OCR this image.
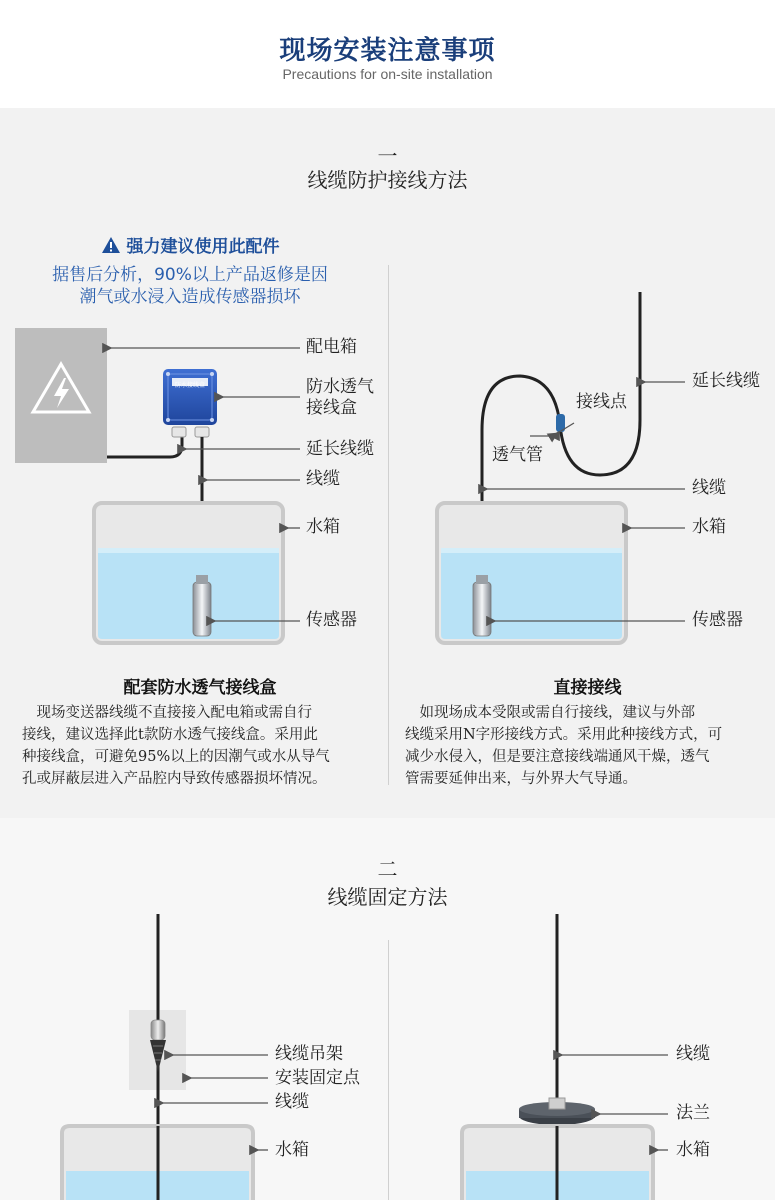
现场安装注意事项
Precautions for on-site installation
一
线缆防护接线方法
强力建议使用此配件
据售后分析，90%以上产品返修是因
潮气或水浸入造成传感器损坏
配电箱
防水透气
接线盒
延长线缆
线缆
水箱
传感器
防水接线盒	延长线缆
接线点
透气管
线缆
水箱
传感器
配套防水透气接线盒	直接接线
　现场变送器线缆不直接接入配电箱或需自行
接线，建议选择此t款防水透气接线盒。采用此
种接线盒，可避免95%以上的因潮气或水从导气
孔或屏蔽层进入产品腔内导致传感器损坏情况。
　如现场成本受限或需自行接线，建议与外部
线缆采用N字形接线方式。采用此种接线方式，可
减少水侵入，但是要注意接线端通风干燥，透气
管需要延伸出来，与外界大气导通。
二
线缆固定方法
线缆吊架
安装固定点
线缆
水箱
线缆
法兰
水箱
